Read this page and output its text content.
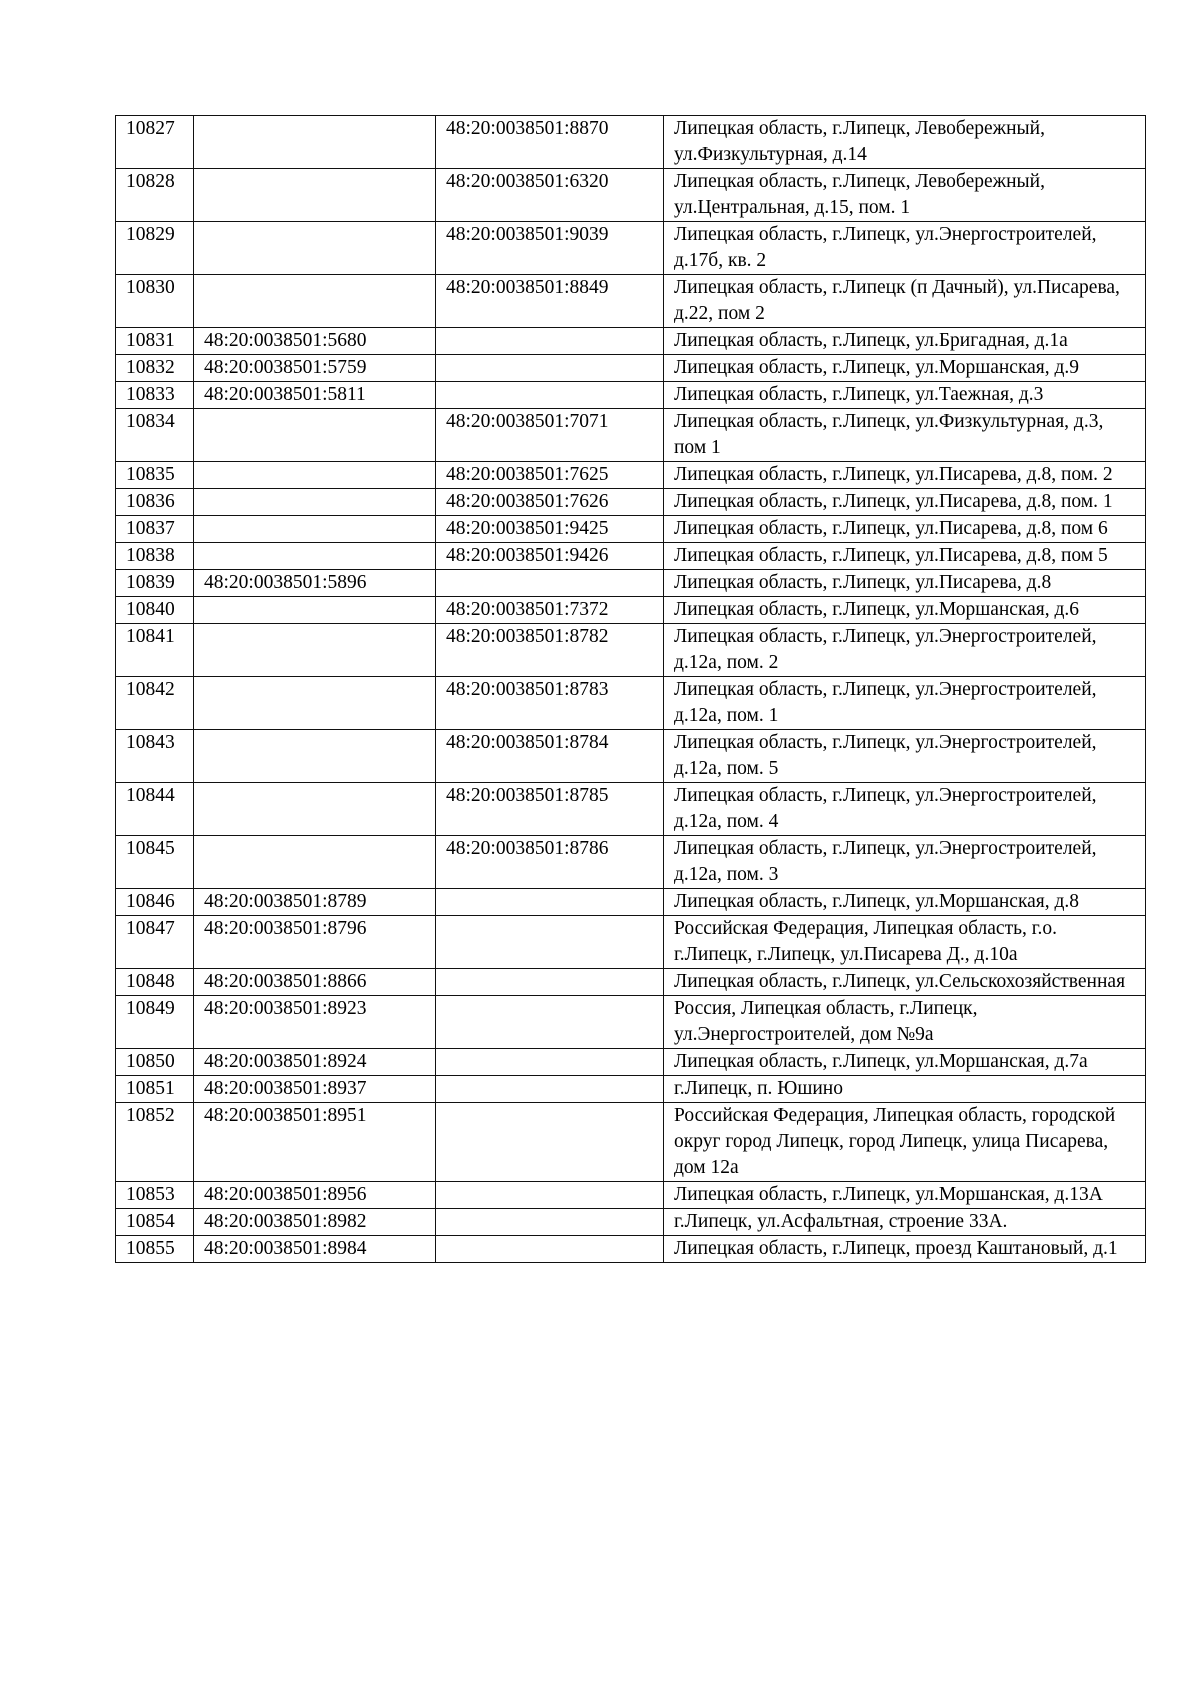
10827		48:20:0038501:8870	Липецкая область, г.Липецк, Левобережный, ул.Физкультурная, д.14
10828		48:20:0038501:6320	Липецкая область, г.Липецк, Левобережный, ул.Центральная, д.15, пом. 1
10829		48:20:0038501:9039	Липецкая область, г.Липецк, ул.Энергостроителей, д.17б, кв. 2
10830		48:20:0038501:8849	Липецкая область, г.Липецк (п Дачный), ул.Писарева, д.22, пом 2
10831	48:20:0038501:5680		Липецкая область, г.Липецк, ул.Бригадная, д.1а
10832	48:20:0038501:5759		Липецкая область, г.Липецк, ул.Моршанская, д.9
10833	48:20:0038501:5811		Липецкая область, г.Липецк, ул.Таежная, д.3
10834		48:20:0038501:7071	Липецкая область, г.Липецк, ул.Физкультурная, д.3, пом 1
10835		48:20:0038501:7625	Липецкая область, г.Липецк, ул.Писарева, д.8, пом. 2
10836		48:20:0038501:7626	Липецкая область, г.Липецк, ул.Писарева, д.8, пом. 1
10837		48:20:0038501:9425	Липецкая область, г.Липецк, ул.Писарева, д.8, пом 6
10838		48:20:0038501:9426	Липецкая область, г.Липецк, ул.Писарева, д.8, пом 5
10839	48:20:0038501:5896		Липецкая область, г.Липецк, ул.Писарева, д.8
10840		48:20:0038501:7372	Липецкая область, г.Липецк, ул.Моршанская, д.6
10841		48:20:0038501:8782	Липецкая область, г.Липецк, ул.Энергостроителей, д.12а, пом. 2
10842		48:20:0038501:8783	Липецкая область, г.Липецк, ул.Энергостроителей, д.12а, пом. 1
10843		48:20:0038501:8784	Липецкая область, г.Липецк, ул.Энергостроителей, д.12а, пом. 5
10844		48:20:0038501:8785	Липецкая область, г.Липецк, ул.Энергостроителей, д.12а, пом. 4
10845		48:20:0038501:8786	Липецкая область, г.Липецк, ул.Энергостроителей, д.12а, пом. 3
10846	48:20:0038501:8789		Липецкая область, г.Липецк, ул.Моршанская, д.8
10847	48:20:0038501:8796		Российская Федерация, Липецкая область, г.о. г.Липецк, г.Липецк, ул.Писарева Д., д.10а
10848	48:20:0038501:8866		Липецкая область, г.Липецк, ул.Сельскохозяйственная
10849	48:20:0038501:8923		Россия, Липецкая область, г.Липецк, ул.Энергостроителей, дом №9а
10850	48:20:0038501:8924		Липецкая область, г.Липецк, ул.Моршанская, д.7а
10851	48:20:0038501:8937		г.Липецк, п. Юшино
10852	48:20:0038501:8951		Российская Федерация, Липецкая область, городской округ город Липецк, город Липецк, улица Писарева, дом 12а
10853	48:20:0038501:8956		Липецкая область, г.Липецк, ул.Моршанская, д.13А
10854	48:20:0038501:8982		г.Липецк, ул.Асфальтная, строение 33А.
10855	48:20:0038501:8984		Липецкая область, г.Липецк, проезд Каштановый, д.1
